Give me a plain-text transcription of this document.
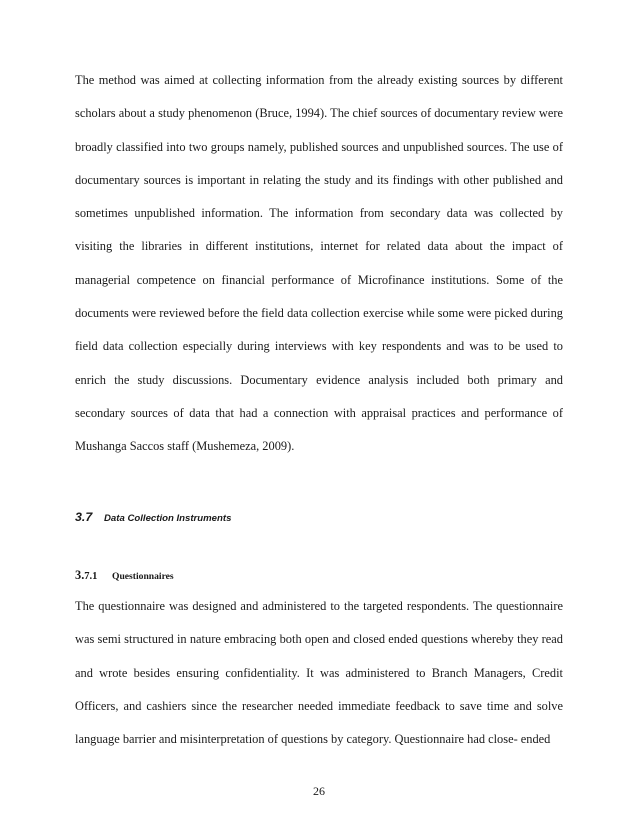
The method was aimed at collecting information from the already existing sources by different scholars about a study phenomenon (Bruce, 1994). The chief sources of documentary review were broadly classified into two groups namely, published sources and unpublished sources. The use of documentary sources is important in relating the study and its findings with other published and sometimes unpublished information. The information from secondary data was collected by visiting the libraries in different institutions, internet for related data about the impact of managerial competence on financial performance of Microfinance institutions. Some of the documents were reviewed before the field data collection exercise while some were picked during field data collection especially during interviews with key respondents and was to be used to enrich the study discussions. Documentary evidence analysis included both primary and secondary sources of data that had a connection with appraisal practices and performance of Mushanga Saccos staff (Mushemeza, 2009).

3.7 Data Collection Instruments
3.7.1 Questionnaires

The questionnaire was designed and administered to the targeted respondents. The questionnaire was semi structured in nature embracing both open and closed ended questions whereby they read and wrote besides ensuring confidentiality. It was administered to Branch Managers, Credit Officers, and cashiers since the researcher needed immediate feedback to save time and solve language barrier and misinterpretation of questions by category. Questionnaire had close- ended

26
